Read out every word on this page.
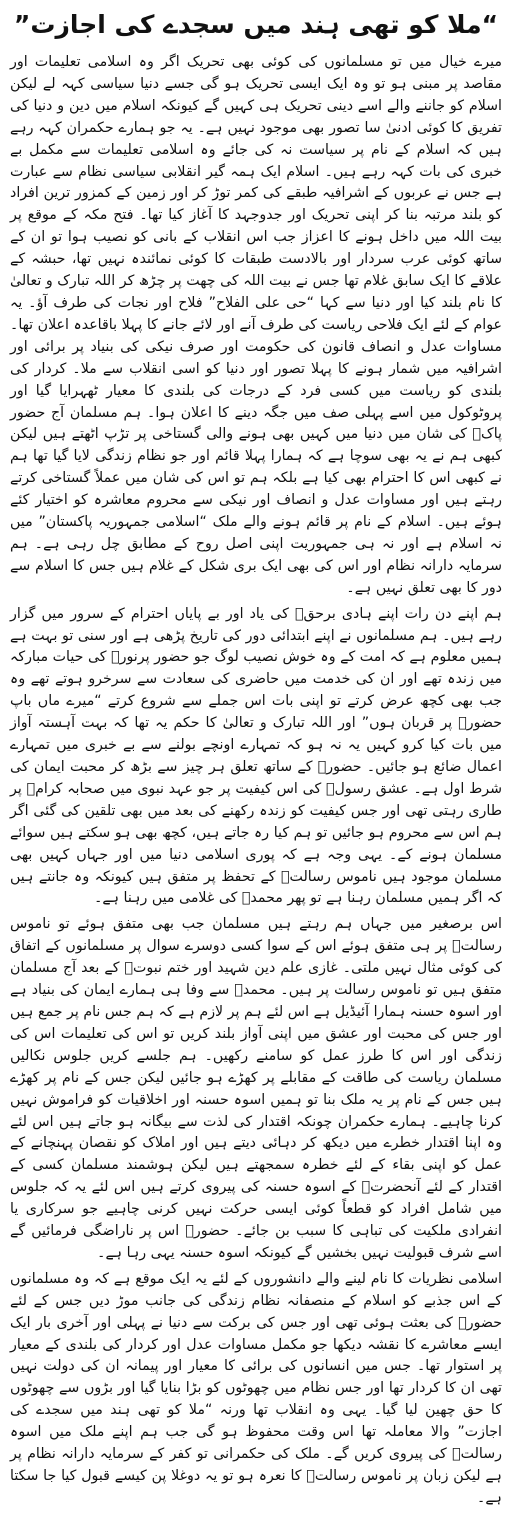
“ملا کو تھی ہند میں سجدے کی اجازت”

میرے خیال میں تو مسلمانوں کی کوئی بھی تحریک اگر وہ اسلامی تعلیمات اور مقاصد پر مبنی ہو تو وہ ایک ایسی تحریک ہو گی جسے دنیا سیاسی کہہ لے لیکن اسلام کو جاننے والے اسے دینی تحریک ہی کہیں گے کیونکہ اسلام میں دین و دنیا کی تفریق کا کوئی ادنیٰ سا تصور بھی موجود نہیں ہے۔ یہ جو ہمارے حکمران کہہ رہے ہیں کہ اسلام کے نام پر سیاست نہ کی جائے وہ اسلامی تعلیمات سے مکمل بے خبری کی بات کہہ رہے ہیں۔ اسلام ایک ہمہ گیر انقلابی سیاسی نظام سے عبارت ہے جس نے عربوں کے اشرافیہ طبقے کی کمر توڑ کر اور زمین کے کمزور ترین افراد کو بلند مرتبہ بنا کر اپنی تحریک اور جدوجہد کا آغاز کیا تھا۔ فتح مکہ کے موقع پر بیت اللہ میں داخل ہونے کا اعزاز جب اس انقلاب کے بانی کو نصیب ہوا تو ان کے ساتھ کوئی عرب سردار اور بالادست طبقات کا کوئی نمائندہ نہیں تھا، حبشہ کے علاقے کا ایک سابق غلام تھا جس نے بیت اللہ کی چھت پر چڑھ کر اللہ تبارک و تعالیٰ کا نام بلند کیا اور دنیا سے کہا “حی علی الفلاح” فلاح اور نجات کی طرف آؤ۔ یہ عوام کے لئے ایک فلاحی ریاست کی طرف آنے اور لائے جانے کا پہلا باقاعدہ اعلان تھا۔ مساوات عدل و انصاف قانون کی حکومت اور صرف نیکی کی بنیاد پر برائی اور اشرافیہ میں شمار ہونے کا پہلا تصور اور دنیا کو اسی انقلاب سے ملا۔ کردار کی بلندی کو ریاست میں کسی فرد کے درجات کی بلندی کا معیار ٹھہرایا گیا اور پروٹوکول میں اسے پہلی صف میں جگہ دینے کا اعلان ہوا۔ ہم مسلمان آج حضور پاکؐ کی شان میں دنیا میں کہیں بھی ہونے والی گستاخی پر تڑپ اٹھتے ہیں لیکن کبھی ہم نے یہ بھی سوچا ہے کہ ہمارا پہلا قائم اور جو نظام زندگی لایا گیا تھا ہم نے کبھی اس کا احترام بھی کیا ہے بلکہ ہم تو اس کی شان میں عملاً گستاخی کرتے رہتے ہیں اور مساوات عدل و انصاف اور نیکی سے محروم معاشرہ کو اختیار کئے ہوئے ہیں۔ اسلام کے نام پر قائم ہونے والے ملک “اسلامی جمہوریہ پاکستان” میں نہ اسلام ہے اور نہ ہی جمہوریت اپنی اصل روح کے مطابق چل رہی ہے۔ ہم سرمایہ دارانہ نظام اور اس کی بھی ایک بری شکل کے غلام ہیں جس کا اسلام سے دور کا بھی تعلق نہیں ہے۔

ہم اپنے دن رات اپنے ہادی برحقؐ کی یاد اور بے پایاں احترام کے سرور میں گزار رہے ہیں۔ ہم مسلمانوں نے اپنے ابتدائی دور کی تاریخ پڑھی ہے اور سنی تو بہت ہے ہمیں معلوم ہے کہ امت کے وہ خوش نصیب لوگ جو حضور پرنورؐ کی حیات مبارکہ میں زندہ تھے اور ان کی خدمت میں حاضری کی سعادت سے سرخرو ہوتے تھے وہ جب بھی کچھ عرض کرتے تو اپنی بات اس جملے سے شروع کرتے “میرے ماں باپ حضورؐ پر قربان ہوں” اور اللہ تبارک و تعالیٰ کا حکم یہ تھا کہ بہت آہستہ آواز میں بات کیا کرو کہیں یہ نہ ہو کہ تمہارے اونچے بولنے سے بے خبری میں تمہارے اعمال ضائع ہو جائیں۔ حضورؐ کے ساتھ تعلق ہر چیز سے بڑھ کر محبت ایمان کی شرط اول ہے۔ عشق رسولؐ کی اس کیفیت پر جو عہد نبوی میں صحابہ کرامؓ پر طاری رہتی تھی اور جس کیفیت کو زندہ رکھنے کی بعد میں بھی تلقین کی گئی اگر ہم اس سے محروم ہو جائیں تو ہم کیا رہ جاتے ہیں، کچھ بھی ہو سکتے ہیں سوائے مسلمان ہونے کے۔ یہی وجہ ہے کہ پوری اسلامی دنیا میں اور جہاں کہیں بھی مسلمان موجود ہیں ناموس رسالتؐ کے تحفظ پر متفق ہیں کیونکہ وہ جانتے ہیں کہ اگر ہمیں مسلمان رہنا ہے تو پھر محمدؐ کی غلامی میں رہنا ہے۔

اس برصغیر میں جہاں ہم رہتے ہیں مسلمان جب بھی متفق ہوئے تو ناموس رسالتؐ پر ہی متفق ہوئے اس کے سوا کسی دوسرے سوال پر مسلمانوں کے اتفاق کی کوئی مثال نہیں ملتی۔ غازی علم دین شہید اور ختم نبوتؐ کے بعد آج مسلمان متفق ہیں تو ناموس رسالت پر ہیں۔ محمدؐ سے وفا ہی ہمارے ایمان کی بنیاد ہے اور اسوہ حسنہ ہمارا آئیڈیل ہے اس لئے ہم پر لازم ہے کہ ہم جس نام پر جمع ہیں اور جس کی محبت اور عشق میں اپنی آواز بلند کریں تو اس کی تعلیمات اس کی زندگی اور اس کا طرز عمل کو سامنے رکھیں۔ ہم جلسے کریں جلوس نکالیں مسلمان ریاست کی طاقت کے مقابلے پر کھڑے ہو جائیں لیکن جس کے نام پر کھڑے ہیں جس کے نام پر یہ ملک بنا تو ہمیں اسوہ حسنہ اور اخلاقیات کو فراموش نہیں کرنا چاہیے۔ ہمارے حکمران چونکہ اقتدار کی لذت سے بیگانہ ہو جاتے ہیں اس لئے وہ اپنا اقتدار خطرے میں دیکھ کر دہائی دیتے ہیں اور املاک کو نقصان پہنچانے کے عمل کو اپنی بقاء کے لئے خطرہ سمجھتے ہیں لیکن ہوشمند مسلمان کسی کے اقتدار کے لئے آنحضرتؐ کے اسوہ حسنہ کی پیروی کرتے ہیں اس لئے یہ کہ جلوس میں شامل افراد کو قطعاً کوئی ایسی حرکت نہیں کرنی چاہیے جو سرکاری یا انفرادی ملکیت کی تباہی کا سبب بن جائے۔ حضورؐ اس پر ناراضگی فرمائیں گے اسے شرف قبولیت نہیں بخشیں گے کیونکہ اسوہ حسنہ یہی رہا ہے۔

اسلامی نظریات کا نام لینے والے دانشوروں کے لئے یہ ایک موقع ہے کہ وہ مسلمانوں کے اس جذبے کو اسلام کے منصفانہ نظام زندگی کی جانب موڑ دیں جس کے لئے حضورؐ کی بعثت ہوئی تھی اور جس کی برکت سے دنیا نے پہلی اور آخری بار ایک ایسے معاشرے کا نقشہ دیکھا جو مکمل مساوات عدل اور کردار کی بلندی کے معیار پر استوار تھا۔ جس میں انسانوں کی برائی کا معیار اور پیمانہ ان کی دولت نہیں تھی ان کا کردار تھا اور جس نظام میں چھوٹوں کو بڑا بنایا گیا اور بڑوں سے چھوٹوں کا حق چھین لیا گیا۔ یہی وہ انقلاب تھا ورنہ “ملا کو تھی ہند میں سجدے کی اجازت” والا معاملہ تھا اس وقت محفوظ ہو گی جب ہم اپنے ملک میں اسوہ رسالتؐ کی پیروی کریں گے۔ ملک کی حکمرانی تو کفر کے سرمایہ دارانہ نظام پر ہے لیکن زبان پر ناموس رسالتؐ کا نعرہ ہو تو یہ دوغلا پن کیسے قبول کیا جا سکتا ہے۔
